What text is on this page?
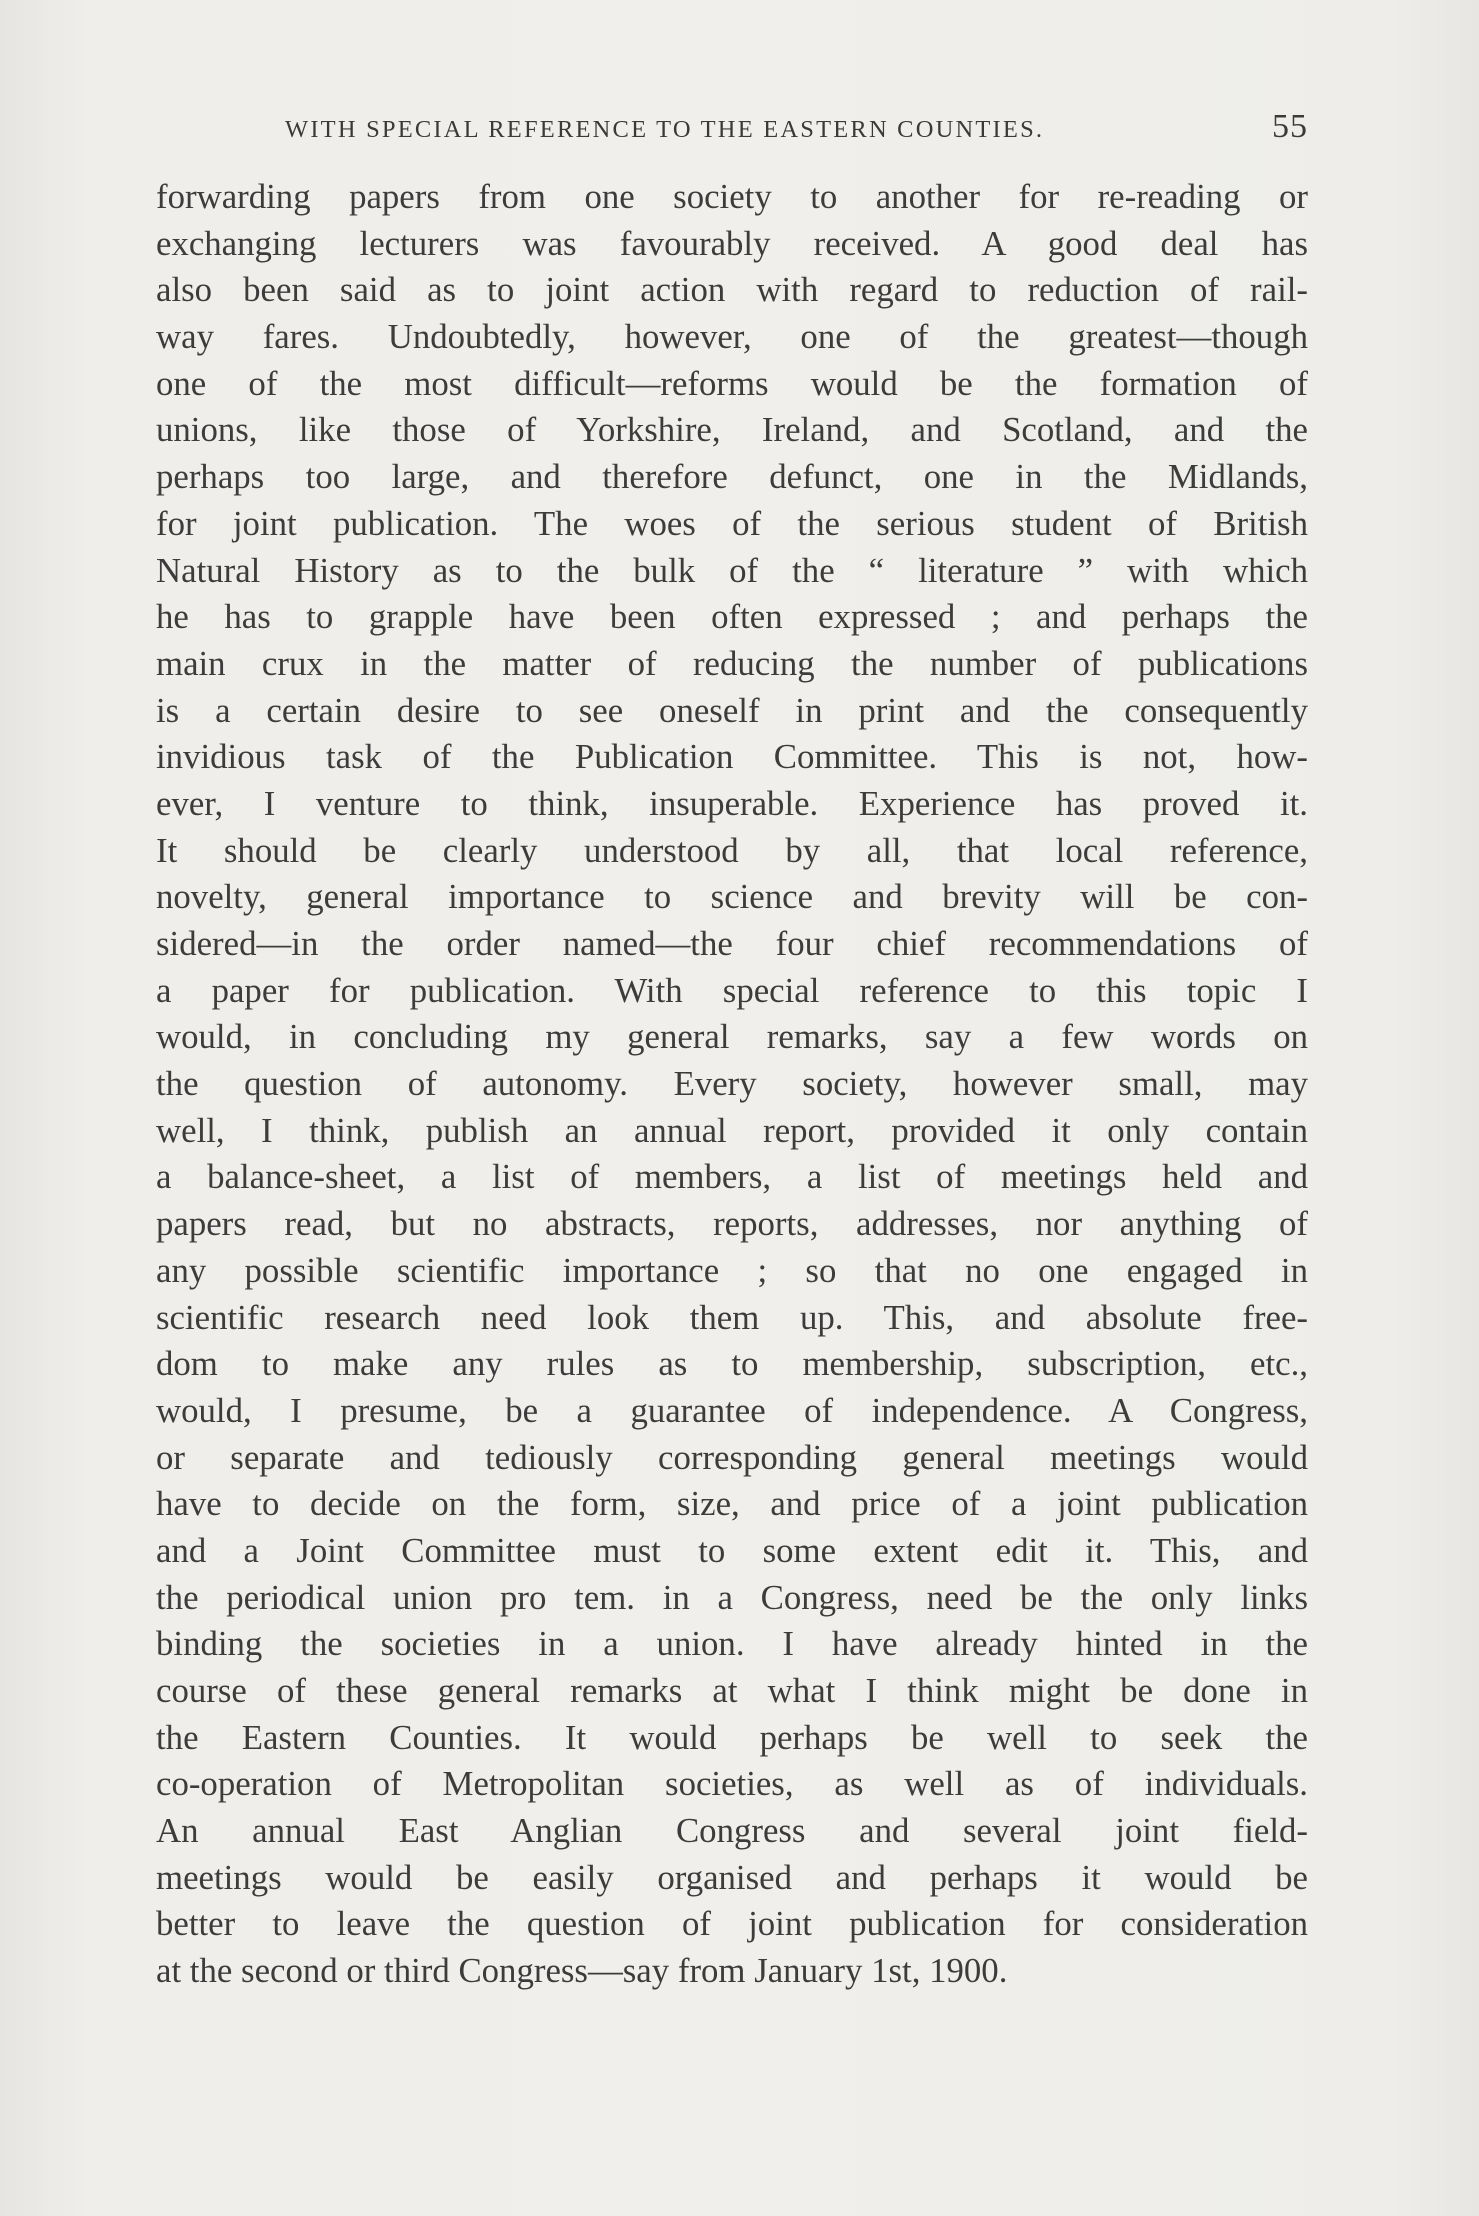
WITH SPECIAL REFERENCE TO THE EASTERN COUNTIES.	55
forwarding papers from one society to another for re-reading or
exchanging lecturers was favourably received. A good deal has
also been said as to joint action with regard to reduction of rail-
way fares. Undoubtedly, however, one of the greatest—though
one of the most difficult—reforms would be the formation of
unions, like those of Yorkshire, Ireland, and Scotland, and the
perhaps too large, and therefore defunct, one in the Midlands,
for joint publication. The woes of the serious student of British
Natural History as to the bulk of the “ literature ” with which
he has to grapple have been often expressed ; and perhaps the
main crux in the matter of reducing the number of publications
is a certain desire to see oneself in print and the consequently
invidious task of the Publication Committee. This is not, how-
ever, I venture to think, insuperable. Experience has proved it.
It should be clearly understood by all, that local reference,
novelty, general importance to science and brevity will be con-
sidered—in the order named—the four chief recommendations of
a paper for publication. With special reference to this topic I
would, in concluding my general remarks, say a few words on
the question of autonomy. Every society, however small, may
well, I think, publish an annual report, provided it only contain
a balance-sheet, a list of members, a list of meetings held and
papers read, but no abstracts, reports, addresses, nor anything of
any possible scientific importance ; so that no one engaged in
scientific research need look them up. This, and absolute free-
dom to make any rules as to membership, subscription, etc.,
would, I presume, be a guarantee of independence. A Congress,
or separate and tediously corresponding general meetings would
have to decide on the form, size, and price of a joint publication
and a Joint Committee must to some extent edit it. This, and
the periodical union pro tem. in a Congress, need be the only links
binding the societies in a union. I have already hinted in the
course of these general remarks at what I think might be done in
the Eastern Counties. It would perhaps be well to seek the
co-operation of Metropolitan societies, as well as of individuals.
An annual East Anglian Congress and several joint field-
meetings would be easily organised and perhaps it would be
better to leave the question of joint publication for consideration
at the second or third Congress—say from January 1st, 1900.
